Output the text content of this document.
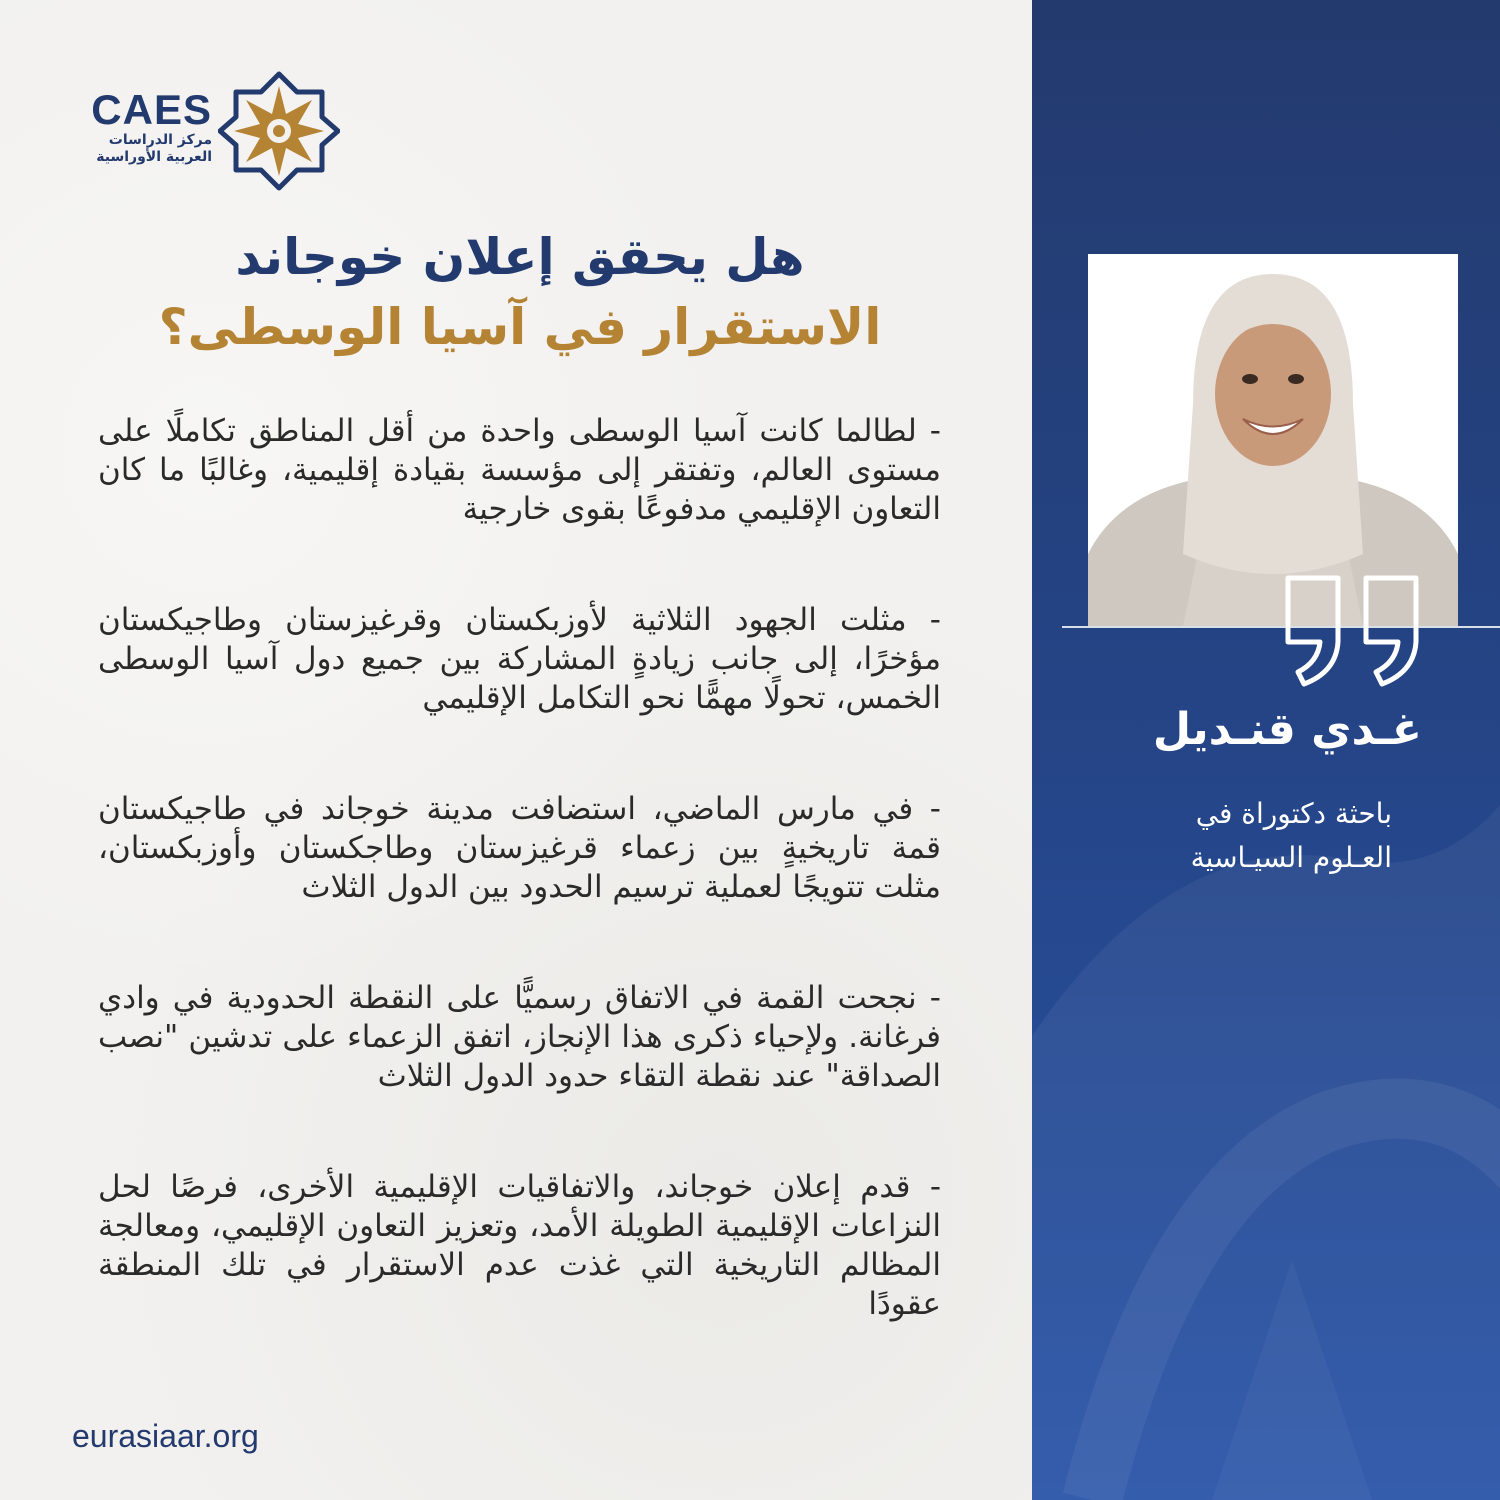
CAES
مركز الدراسات
العربية الأوراسية
هل يحقق إعلان خوجاند
الاستقرار في آسيا الوسطى؟

- لطالما كانت آسيا الوسطى واحدة من أقل المناطق تكاملًا على مستوى العالم، وتفتقر إلى مؤسسة بقيادة إقليمية، وغالبًا ما كان التعاون الإقليمي مدفوعًا بقوى خارجية

- مثلت الجهود الثلاثية لأوزبكستان وقرغيزستان وطاجيكستان مؤخرًا، إلى جانب زيادةٍ المشاركة بين جميع دول آسيا الوسطى الخمس، تحولًا مهمًّا نحو التكامل الإقليمي

- في مارس الماضي، استضافت مدينة خوجاند في طاجيكستان قمة تاريخيةٍ بين زعماء قرغيزستان وطاجكستان وأوزبكستان، مثلت تتويجًا لعملية ترسيم الحدود بين الدول الثلاث

- نجحت القمة في الاتفاق رسميًّا على النقطة الحدودية في وادي فرغانة. ولإحياء ذكرى هذا الإنجاز، اتفق الزعماء على تدشين "نصب الصداقة" عند نقطة التقاء حدود الدول الثلاث

- قدم إعلان خوجاند، والاتفاقيات الإقليمية الأخرى، فرصًا لحل النزاعات الإقليمية الطويلة الأمد، وتعزيز التعاون الإقليمي، ومعالجة المظالم التاريخية التي غذت عدم الاستقرار في تلك المنطقة عقودًا

eurasiaar.org
غـدي قنـديل
باحثة دكتوراة في
العـلوم السيـاسية
